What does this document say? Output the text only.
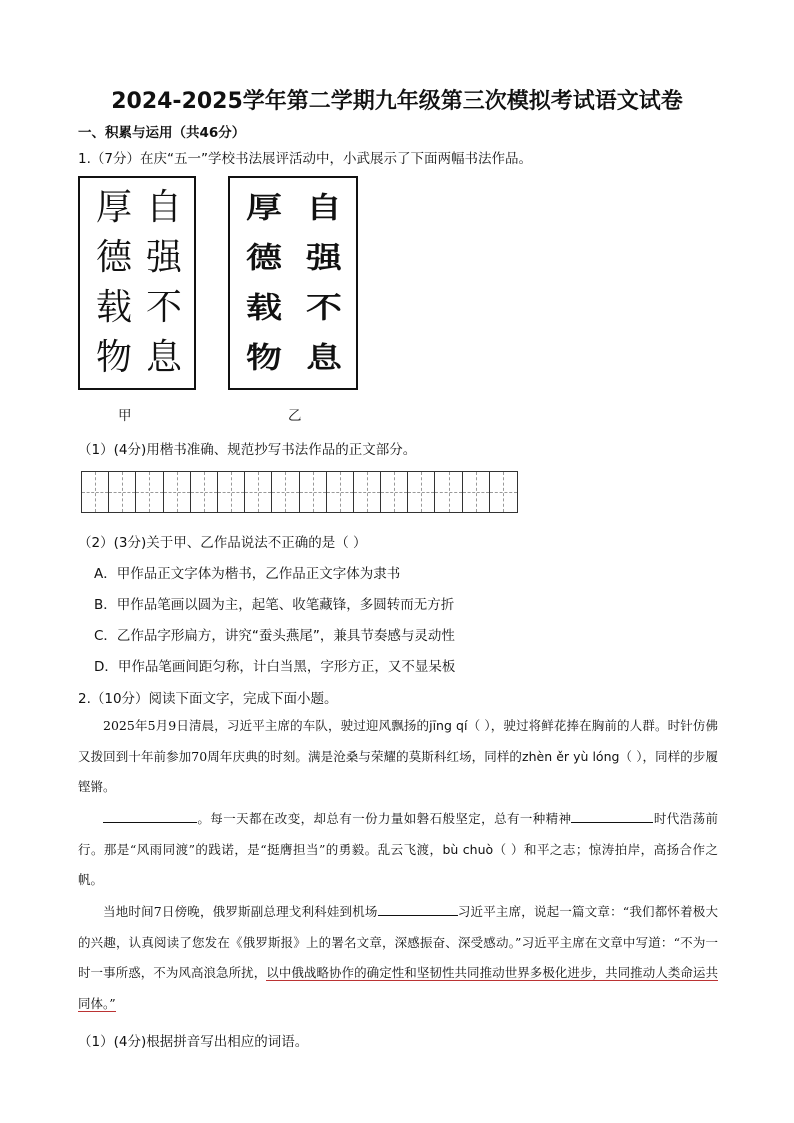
2024-2025学年第二学期九年级第三次模拟考试语文试卷
一、积累与运用（共46分）
1.（7分）在庆“五一”学校书法展评活动中，小武展示了下面两幅书法作品。
自
强
不
息
厚
德
载
物
自
强
不
息
厚
德
载
物
甲	乙
（1）(4分)用楷书准确、规范抄写书法作品的正文部分。
（2）(3分)关于甲、乙作品说法不正确的是（ ）
A．甲作品正文字体为楷书，乙作品正文字体为隶书
B．甲作品笔画以圆为主，起笔、收笔藏锋，多圆转而无方折
C．乙作品字形扁方，讲究“蚕头燕尾”，兼具节奏感与灵动性
D．甲作品笔画间距匀称，计白当黑，字形方正，又不显呆板
2.（10分）阅读下面文字，完成下面小题。
2025年5月9日清晨，习近平主席的车队，驶过迎风飘扬的jīng qí（ ），驶过将鲜花捧在胸前的人群。时针仿佛又拨回到十年前参加70周年庆典的时刻。满是沧桑与荣耀的莫斯科红场，同样的zhèn ěr yù lóng（ ），同样的步履铿锵。
。每一天都在改变，却总有一份力量如磐石般坚定，总有一种精神	时代浩荡前行。那是“风雨同渡”的践诺，是“挺膺担当”的勇毅。乱云飞渡，bù chuò（ ）和平之志；惊涛拍岸，高扬合作之帆。
当地时间7日傍晚，俄罗斯副总理戈利科娃到机场	习近平主席，说起一篇文章：“我们都怀着极大的兴趣，认真阅读了您发在《俄罗斯报》上的署名文章，深感振奋、深受感动。”习近平主席在文章中写道：“不为一时一事所惑，不为风高浪急所扰，以中俄战略协作的确定性和坚韧性共同推动世界多极化进步，共同推动人类命运共同体。”
（1）(4分)根据拼音写出相应的词语。
